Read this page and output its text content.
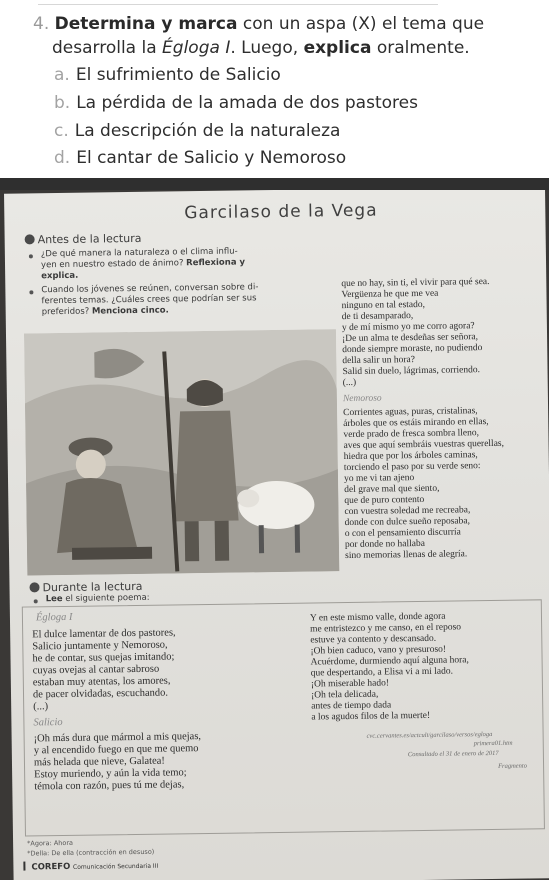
4. Determina y marca con un aspa (X) el tema que
desarrolla la Égloga I. Luego, explica oralmente.
a. El sufrimiento de Salicio
b. La pérdida de la amada de dos pastores
c. La descripción de la naturaleza
d. El cantar de Salicio y Nemoroso
Garcilaso de la Vega
Antes de la lectura
¿De qué manera la naturaleza o el clima influ-
yen en nuestro estado de ánimo? Reflexiona y
explica.
Cuando los jóvenes se reúnen, conversan sobre di-
ferentes temas. ¿Cuáles crees que podrían ser sus
preferidos? Menciona cinco.
que no hay, sin ti, el vivir para qué sea.
Vergüenza he que me vea
ninguno en tal estado,
de ti desamparado,
y de mí mismo yo me corro agora?
¡De un alma te desdeñas ser señora,
donde siempre moraste, no pudiendo
della salir un hora?
Salid sin duelo, lágrimas, corriendo.
(...)
Nemoroso
Corrientes aguas, puras, cristalinas,
árboles que os estáis mirando en ellas,
verde prado de fresca sombra lleno,
aves que aquí sembráis vuestras querellas,
hiedra que por los árboles caminas,
torciendo el paso por su verde seno:
yo me vi tan ajeno
del grave mal que siento,
que de puro contento
con vuestra soledad me recreaba,
donde con dulce sueño reposaba,
o con el pensamiento discurría
por donde no hallaba
sino memorias llenas de alegría.
Durante la lectura
Lee el siguiente poema:
Égloga I
El dulce lamentar de dos pastores,
Salicio juntamente y Nemoroso,
he de contar, sus quejas imitando;
cuyas ovejas al cantar sabroso
estaban muy atentas, los amores,
de pacer olvidadas, escuchando.
(...)
Salicio
¡Oh más dura que mármol a mis quejas,
y al encendido fuego en que me quemo
más helada que nieve, Galatea!
Estoy muriendo, y aún la vida temo;
témola con razón, pues tú me dejas,
Y en este mismo valle, donde agora
me entristezco y me canso, en el reposo
estuve ya contento y descansado.
¡Oh bien caduco, vano y presuroso!
Acuérdome, durmiendo aquí alguna hora,
que despertando, a Elisa vi a mi lado.
¡Oh miserable hado!
¡Oh tela delicada,
antes de tiempo dada
a los agudos filos de la muerte!
cvc.cervantes.es/actcult/garcilaso/versos/egloga
primera01.htm
Consultado el 31 de enero de 2017
Fragmento
*Agora: Ahora
*Della: De ella (contracción en desuso)
COREFO Comunicación Secundaria III
